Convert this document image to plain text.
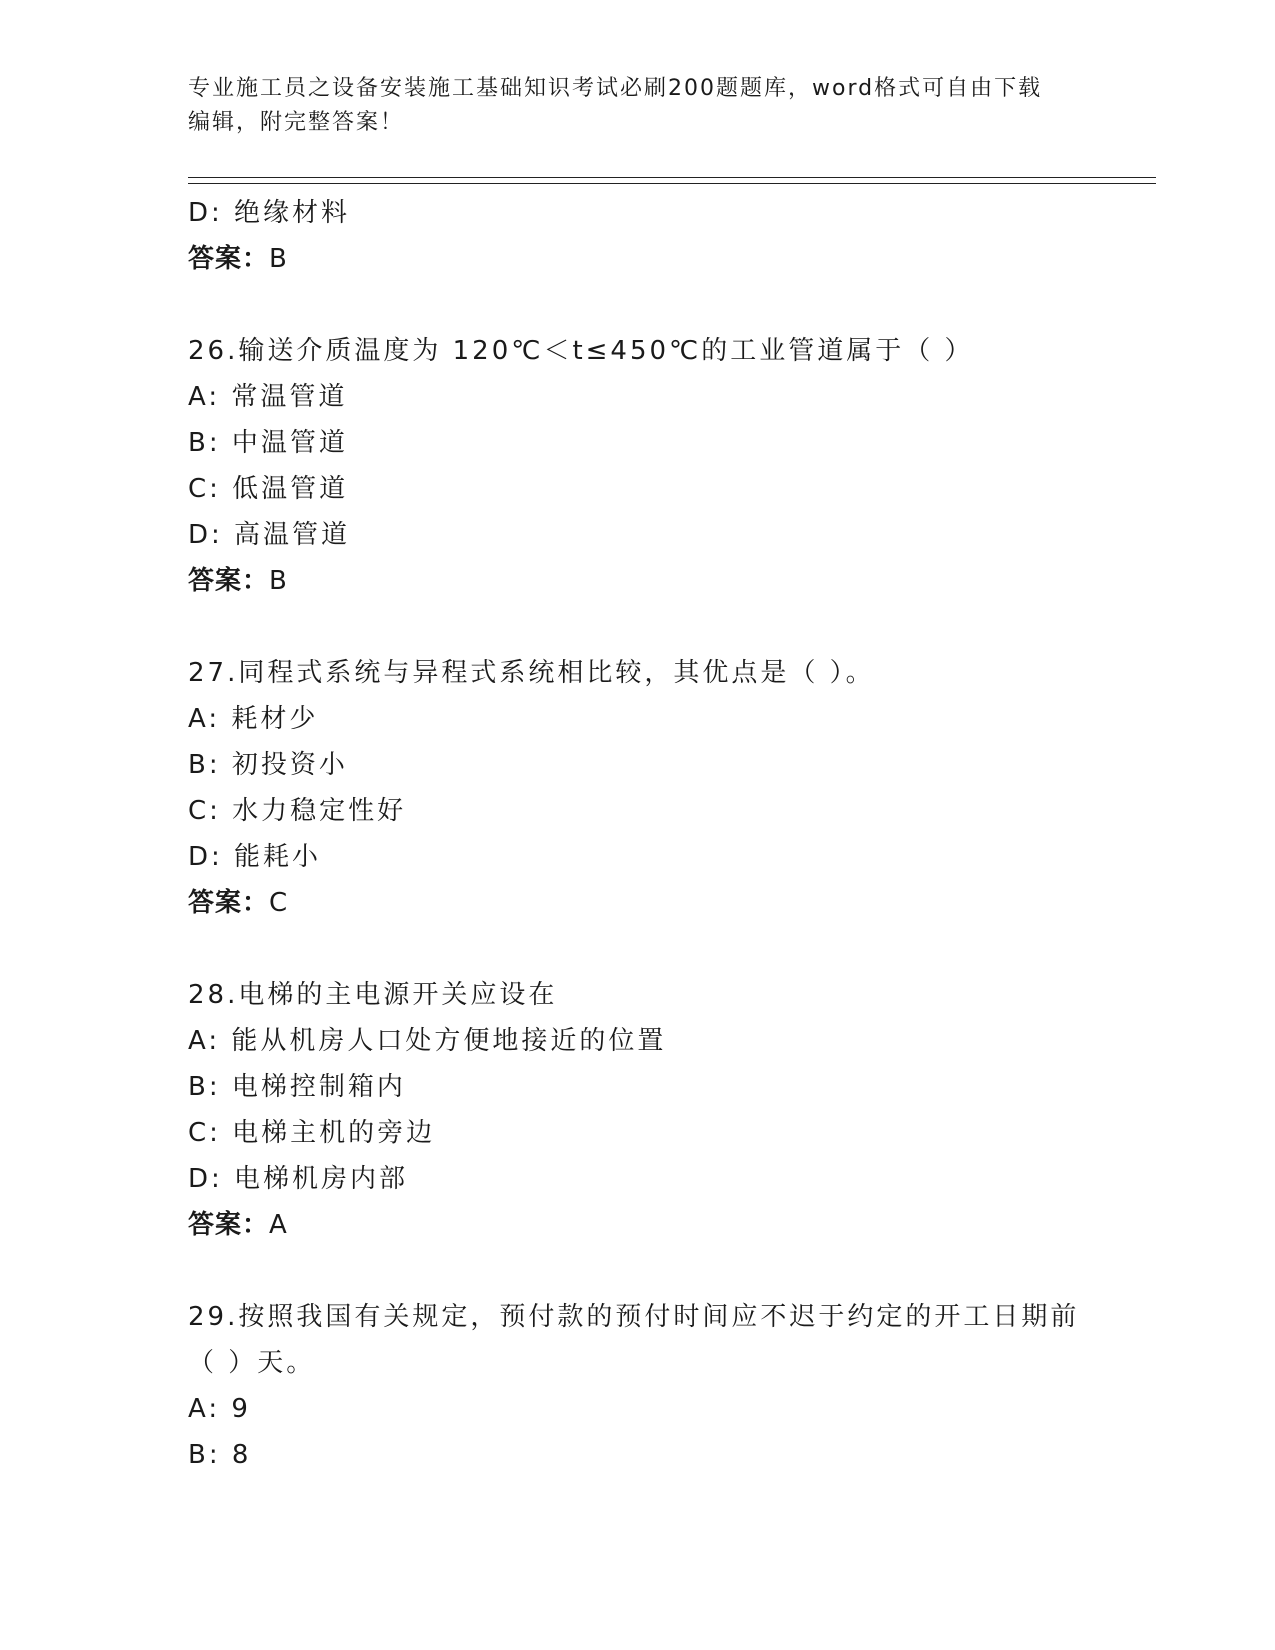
专业施工员之设备安装施工基础知识考试必刷200题题库，word格式可自由下载
编辑，附完整答案！
D: 绝缘材料
答案：B
26.输送介质温度为 120℃＜t≤450℃的工业管道属于（ ）
A: 常温管道
B: 中温管道
C: 低温管道
D: 高温管道
答案：B
27.同程式系统与异程式系统相比较，其优点是（ ）。
A: 耗材少
B: 初投资小
C: 水力稳定性好
D: 能耗小
答案：C
28.电梯的主电源开关应设在
A: 能从机房人口处方便地接近的位置
B: 电梯控制箱内
C: 电梯主机的旁边
D: 电梯机房内部
答案：A
29.按照我国有关规定，预付款的预付时间应不迟于约定的开工日期前
（ ）天。
A: 9
B: 8
